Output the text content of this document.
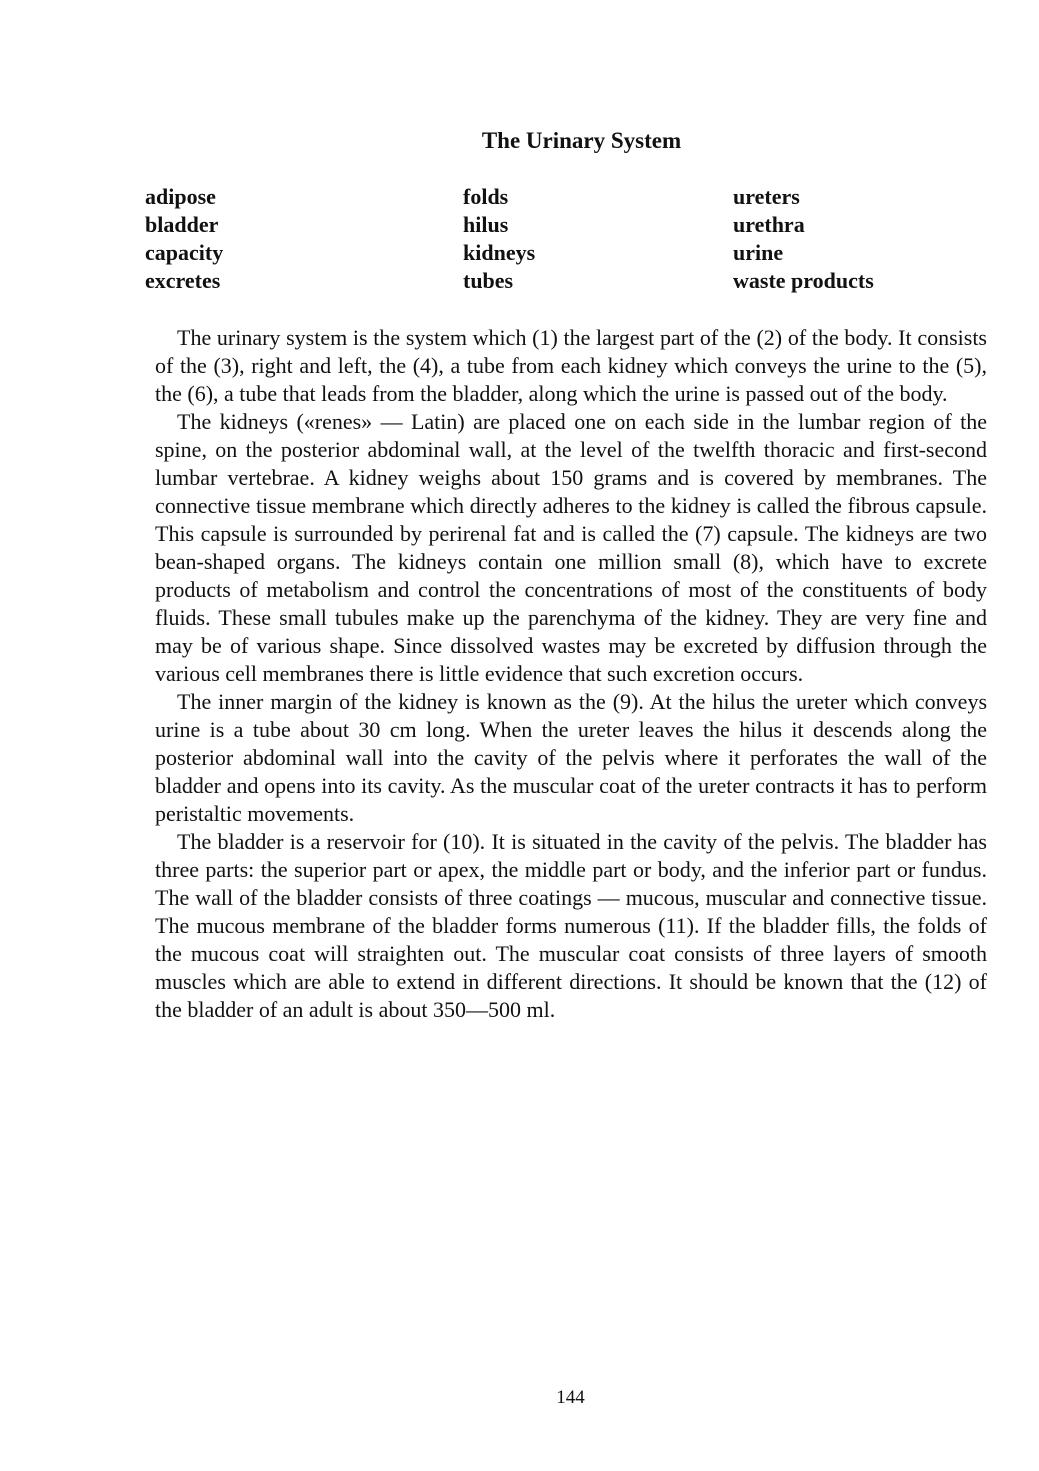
The Urinary System
adipose
bladder
capacity
excretes
folds
hilus
kidneys
tubes
ureters
urethra
urine
waste products

The urinary system is the system which (1) the largest part of the (2) of the body. It consists of the (3), right and left, the (4), a tube from each kidney which conveys the urine to the (5), the (6), a tube that leads from the bladder, along which the urine is passed out of the body.

The kidneys («renes» — Latin) are placed one on each side in the lumbar region of the spine, on the posterior abdominal wall, at the level of the twelfth thoracic and first-second lumbar vertebrae. A kidney weighs about 150 grams and is covered by membranes. The connective tissue membrane which directly adheres to the kidney is called the fibrous capsule. This capsule is surrounded by perirenal fat and is called the (7) capsule. The kidneys are two bean-shaped organs. The kidneys contain one million small (8), which have to excrete products of metabolism and control the concentrations of most of the constituents of body fluids. These small tubules make up the parenchyma of the kidney. They are very fine and may be of various shape. Since dissolved wastes may be excreted by diffusion through the various cell membranes there is little evidence that such excretion occurs.

The inner margin of the kidney is known as the (9). At the hilus the ureter which conveys urine is a tube about 30 cm long. When the ureter leaves the hilus it descends along the posterior abdominal wall into the cavity of the pelvis where it perforates the wall of the bladder and opens into its cavity. As the muscular coat of the ureter contracts it has to perform peristaltic movements.

The bladder is a reservoir for (10). It is situated in the cavity of the pelvis. The bladder has three parts: the superior part or apex, the middle part or body, and the inferior part or fundus. The wall of the bladder consists of three coatings — mucous, muscular and connective tissue. The mucous membrane of the bladder forms numerous (11). If the bladder fills, the folds of the mucous coat will straighten out. The muscular coat consists of three layers of smooth muscles which are able to extend in different directions. It should be known that the (12) of the bladder of an adult is about 350—500 ml.

144
